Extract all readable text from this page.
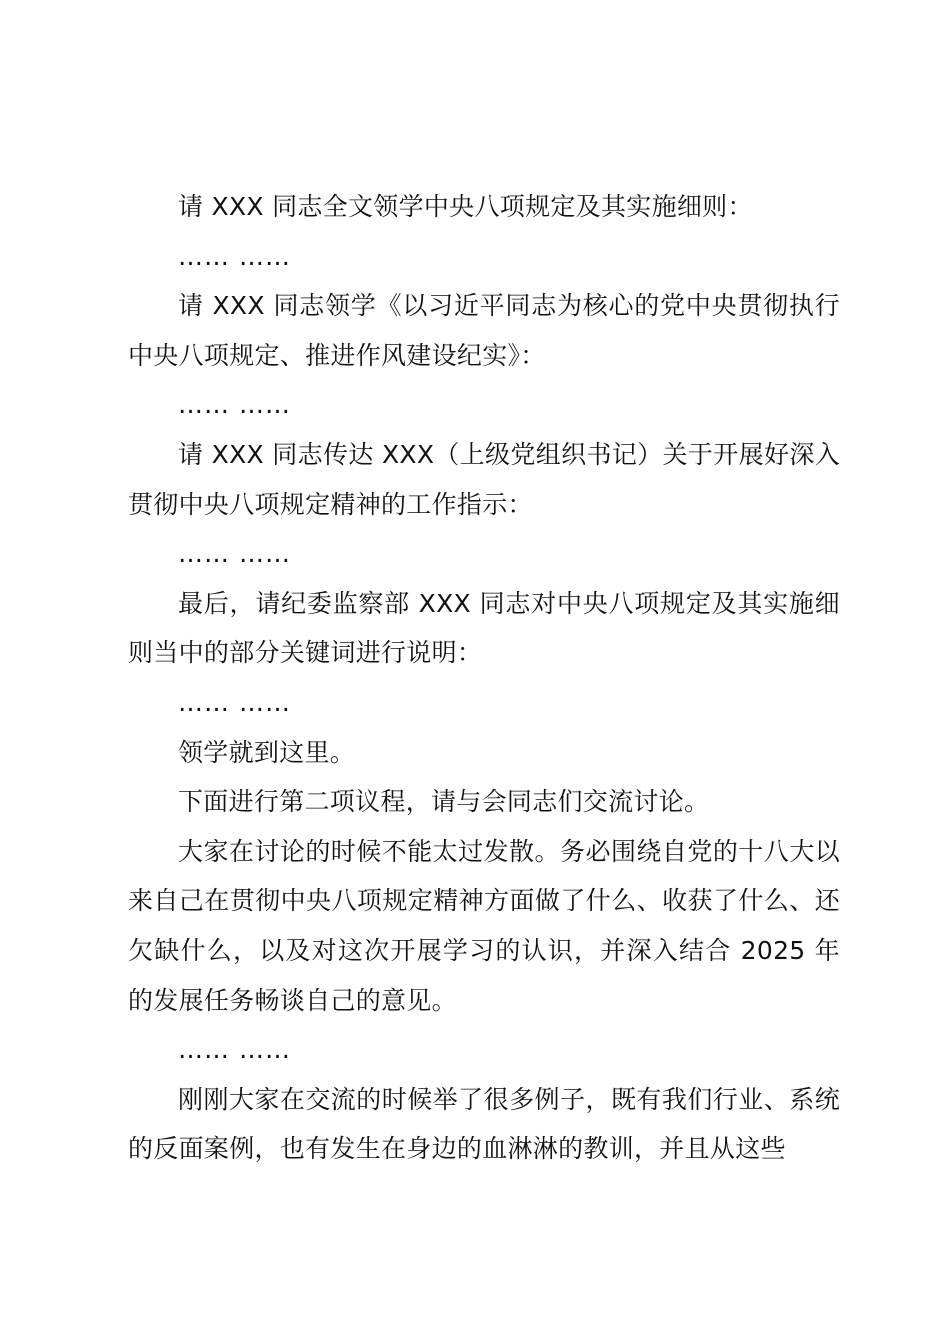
请 XXX 同志全文领学中央八项规定及其实施细则：

…… ……

请 XXX 同志领学《以习近平同志为核心的党中央贯彻执行中央八项规定、推进作风建设纪实》：

…… ……

请 XXX 同志传达 XXX（上级党组织书记）关于开展好深入贯彻中央八项规定精神的工作指示：

…… ……

最后，请纪委监察部 XXX 同志对中央八项规定及其实施细则当中的部分关键词进行说明：

…… ……

领学就到这里。

下面进行第二项议程，请与会同志们交流讨论。

大家在讨论的时候不能太过发散。务必围绕自党的十八大以来自己在贯彻中央八项规定精神方面做了什么、收获了什么、还欠缺什么，以及对这次开展学习的认识，并深入结合 2025 年的发展任务畅谈自己的意见。

…… ……

刚刚大家在交流的时候举了很多例子，既有我们行业、系统的反面案例，也有发生在身边的血淋淋的教训，并且从这些
